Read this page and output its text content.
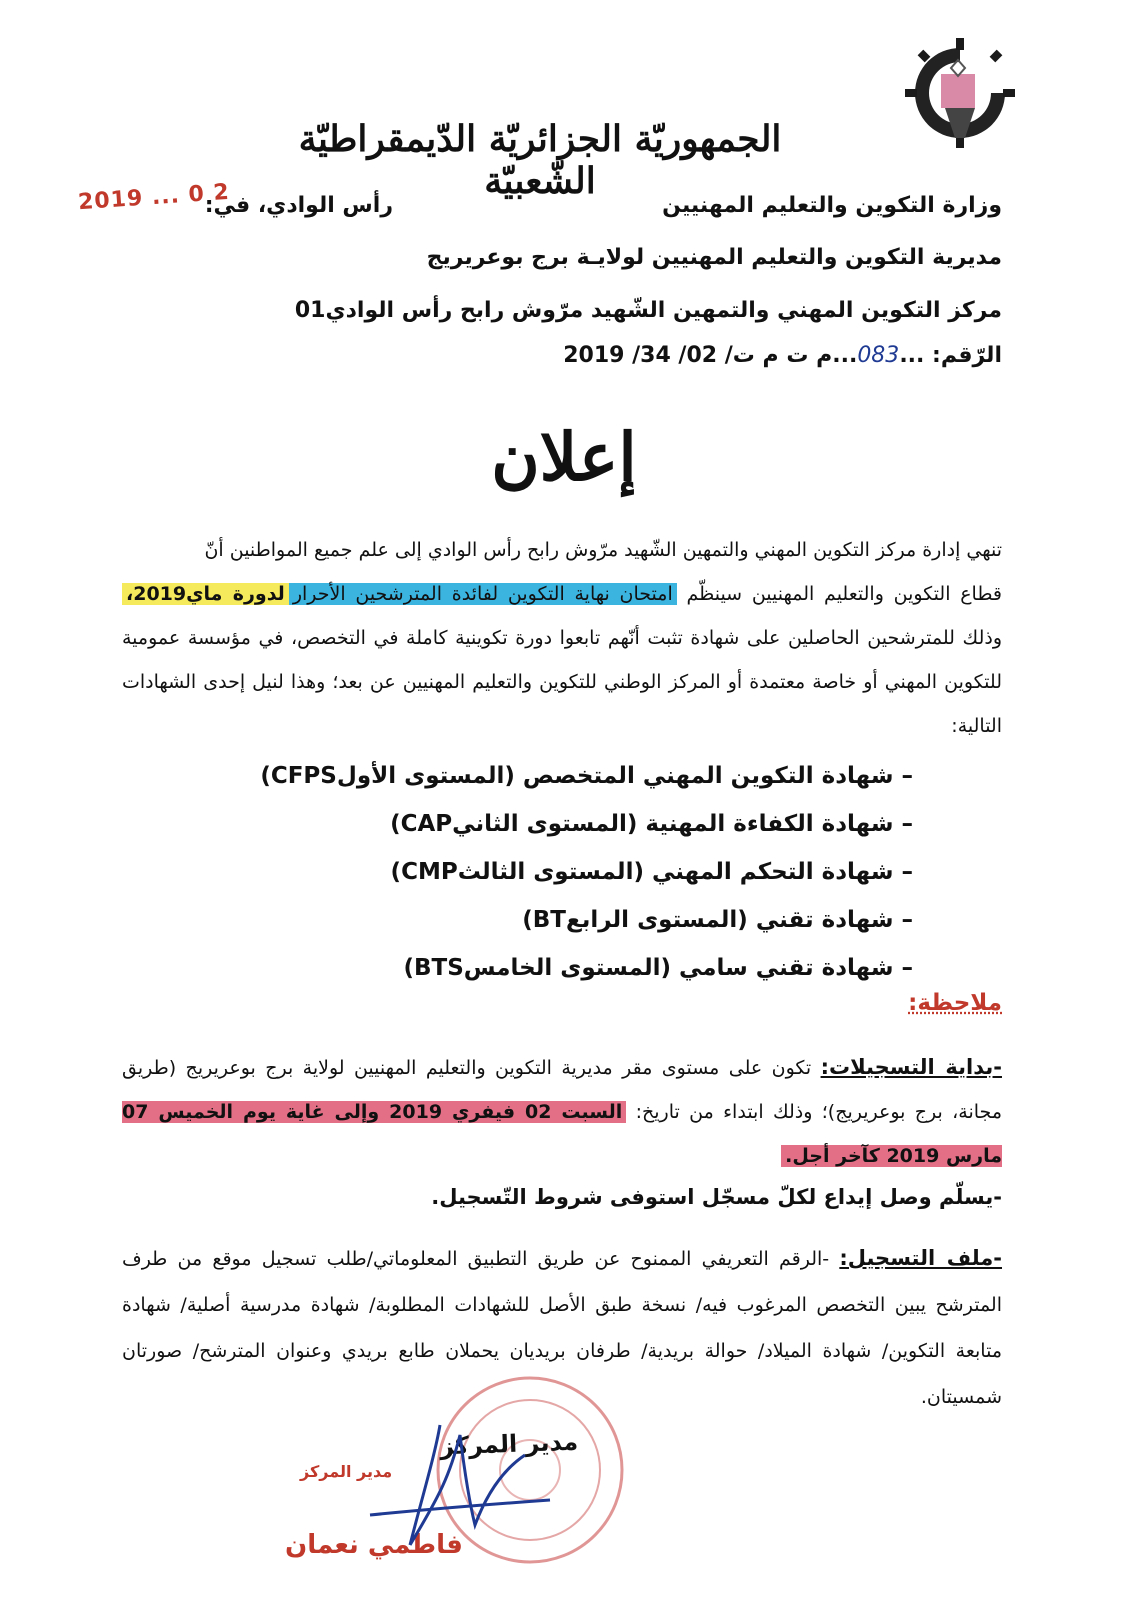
الجمهوريّة الجزائريّة الدّيمقراطيّة الشّعبيّة
2019 ... 0 2	وزارة التكوين والتعليم المهنيين
رأس الوادي، في:
مديرية التكوين والتعليم المهنيين لولايـة برج بوعريريج
مركز التكوين المهني والتمهين الشّهيد مرّوش رابح رأس الوادي01
الرّقم: ...083...م ت م ت/ 02/ 34/ 2019
إعلان
تنهي إدارة مركز التكوين المهني والتمهين الشّهيد مرّوش رابح رأس الوادي إلى علم جميع المواطنين أنّ
قطاع التكوين والتعليم المهنيين سينظّم امتحان نهاية التكوين لفائدة المترشحين الأحرارلدورة ماي2019، وذلك للمترشحين الحاصلين على شهادة تثبت أنّهم تابعوا دورة تكوينية كاملة في التخصص، في مؤسسة عمومية للتكوين المهني أو خاصة معتمدة أو المركز الوطني للتكوين والتعليم المهنيين عن بعد؛ وهذا لنيل إحدى الشهادات التالية:
– شهادة التكوين المهني المتخصص (المستوى الأولCFPS)
– شهادة الكفاءة المهنية (المستوى الثانيCAP)
– شهادة التحكم المهني (المستوى الثالثCMP)
– شهادة تقني (المستوى الرابعBT)
– شهادة تقني سامي (المستوى الخامسBTS)
ملاحظة:
-بداية التسجيلات: تكون على مستوى مقر مديرية التكوين والتعليم المهنيين لولاية برج بوعريريج (طريق مجانة، برج بوعريريج)؛ وذلك ابتداء من تاريخ: السبت 02 فيفري 2019 وإلى غاية يوم الخميس 07 مارس 2019 كآخر أجل.
-يسلّم وصل إيداع لكلّ مسجّل استوفى شروط التّسجيل.
-ملف التسجيل: -الرقم التعريفي الممنوح عن طريق التطبيق المعلوماتي/طلب تسجيل موقع من طرف المترشح يبين التخصص المرغوب فيه/ نسخة طبق الأصل للشهادات المطلوبة/ شهادة مدرسية أصلية/ شهادة متابعة التكوين/ شهادة الميلاد/ حوالة بريدية/ طرفان بريديان يحملان طابع بريدي وعنوان المترشح/ صورتان شمسيتان.
مدير المركز
مدير المركز
فاطمي نعمان
